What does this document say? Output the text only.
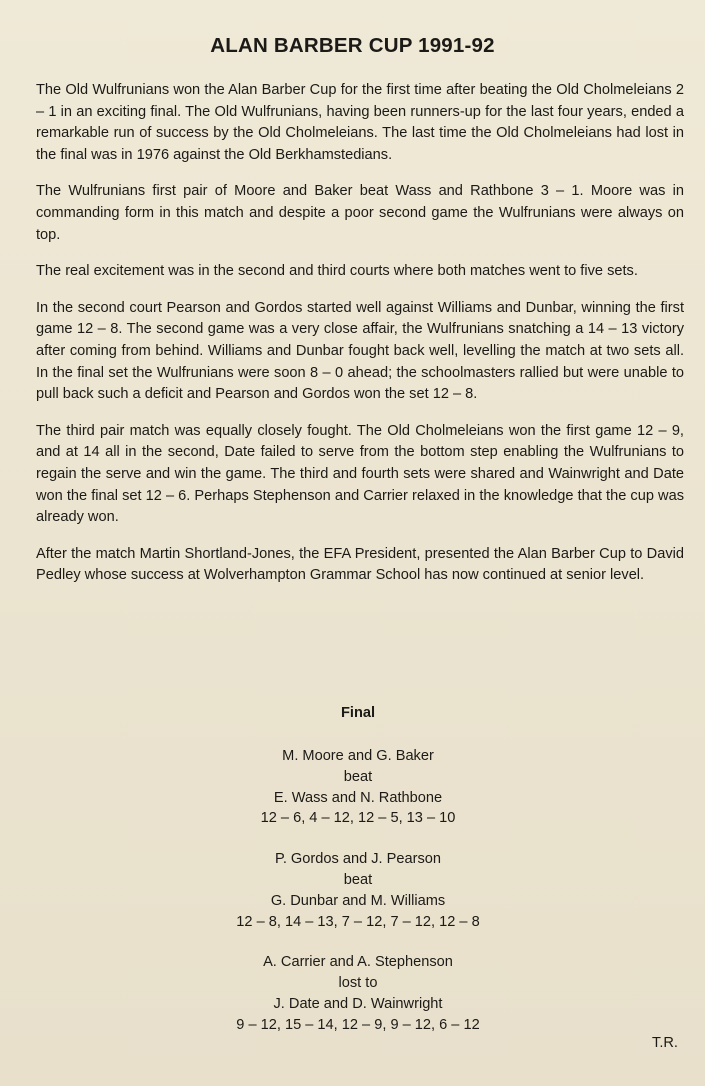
ALAN BARBER CUP 1991-92

The Old Wulfrunians won the Alan Barber Cup for the first time after beating the Old Cholmeleians 2 – 1 in an exciting final. The Old Wulfrunians, having been runners-up for the last four years, ended a remarkable run of success by the Old Cholmeleians. The last time the Old Cholmeleians had lost in the final was in 1976 against the Old Berkhamstedians.

The Wulfrunians first pair of Moore and Baker beat Wass and Rathbone 3 – 1. Moore was in commanding form in this match and despite a poor second game the Wulfrunians were always on top.

The real excitement was in the second and third courts where both matches went to five sets.

In the second court Pearson and Gordos started well against Williams and Dunbar, winning the first game 12 – 8. The second game was a very close affair, the Wulfrunians snatching a 14 – 13 victory after coming from behind. Williams and Dunbar fought back well, levelling the match at two sets all. In the final set the Wulfrunians were soon 8 – 0 ahead; the schoolmasters rallied but were unable to pull back such a deficit and Pearson and Gordos won the set 12 – 8.

The third pair match was equally closely fought. The Old Cholmeleians won the first game 12 – 9, and at 14 all in the second, Date failed to serve from the bottom step enabling the Wulfrunians to regain the serve and win the game. The third and fourth sets were shared and Wainwright and Date won the final set 12 – 6. Perhaps Stephenson and Carrier relaxed in the knowledge that the cup was already won.

After the match Martin Shortland-Jones, the EFA President, presented the Alan Barber Cup to David Pedley whose success at Wolverhampton Grammar School has now continued at senior level.

Final
M. Moore and G. Baker
beat
E. Wass and N. Rathbone
12 – 6, 4 – 12, 12 – 5, 13 – 10
P. Gordos and J. Pearson
beat
G. Dunbar and M. Williams
12 – 8, 14 – 13, 7 – 12, 7 – 12, 12 – 8
A. Carrier and A. Stephenson
lost to
J. Date and D. Wainwright
9 – 12, 15 – 14, 12 – 9, 9 – 12, 6 – 12

T.R.
